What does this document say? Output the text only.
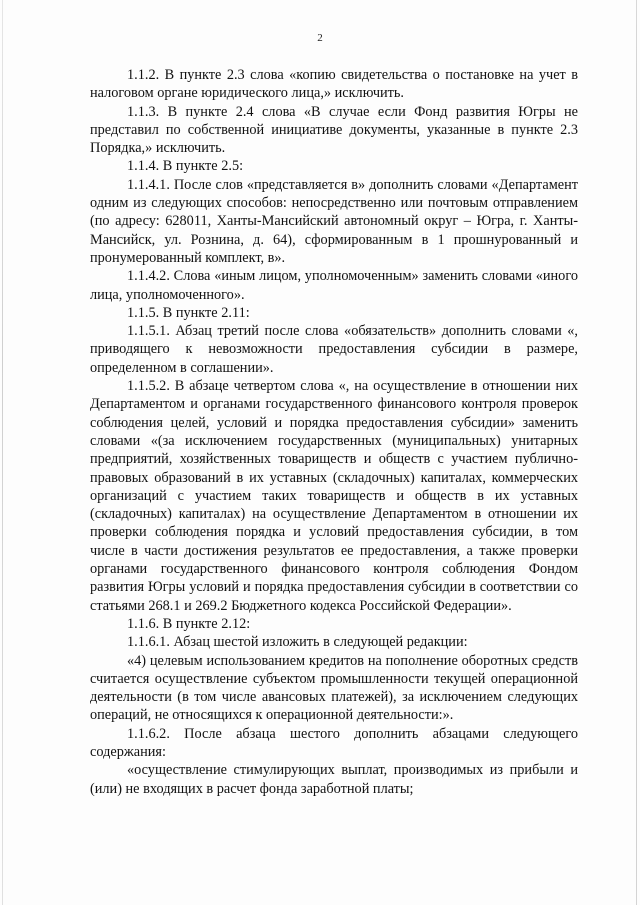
2

1.1.2. В пункте 2.3 слова «копию свидетельства о постановке на учет в налоговом органе юридического лица,» исключить.

1.1.3. В пункте 2.4 слова «В случае если Фонд развития Югры не представил по собственной инициативе документы, указанные в пункте 2.3 Порядка,» исключить.

1.1.4. В пункте 2.5:

1.1.4.1. После слов «представляется в» дополнить словами «Департамент одним из следующих способов: непосредственно или почтовым отправлением (по адресу: 628011, Ханты-Мансийский автономный округ – Югра, г. Ханты-Мансийск, ул. Рознина, д. 64), сформированным в 1 прошнурованный и пронумерованный комплект, в».

1.1.4.2. Слова «иным лицом, уполномоченным» заменить словами «иного лица, уполномоченного».

1.1.5. В пункте 2.11:

1.1.5.1. Абзац третий после слова «обязательств» дополнить словами «, приводящего к невозможности предоставления субсидии в размере, определенном в соглашении».

1.1.5.2. В абзаце четвертом слова «, на осуществление в отношении них Департаментом и органами государственного финансового контроля проверок соблюдения целей, условий и порядка предоставления субсидии» заменить словами «(за исключением государственных (муниципальных) унитарных предприятий, хозяйственных товариществ и обществ с участием публично-правовых образований в их уставных (складочных) капиталах, коммерческих организаций с участием таких товариществ и обществ в их уставных (складочных) капиталах) на осуществление Департаментом в отношении их проверки соблюдения порядка и условий предоставления субсидии, в том числе в части достижения результатов ее предоставления, а также проверки органами государственного финансового контроля соблюдения Фондом развития Югры условий и порядка предоставления субсидии в соответствии со статьями 268.1 и 269.2 Бюджетного кодекса Российской Федерации».

1.1.6. В пункте 2.12:

1.1.6.1. Абзац шестой изложить в следующей редакции:

«4) целевым использованием кредитов на пополнение оборотных средств считается осуществление субъектом промышленности текущей операционной деятельности (в том числе авансовых платежей), за исключением следующих операций, не относящихся к операционной деятельности:».

1.1.6.2. После абзаца шестого дополнить абзацами следующего содержания:

«осуществление стимулирующих выплат, производимых из прибыли и (или) не входящих в расчет фонда заработной платы;
